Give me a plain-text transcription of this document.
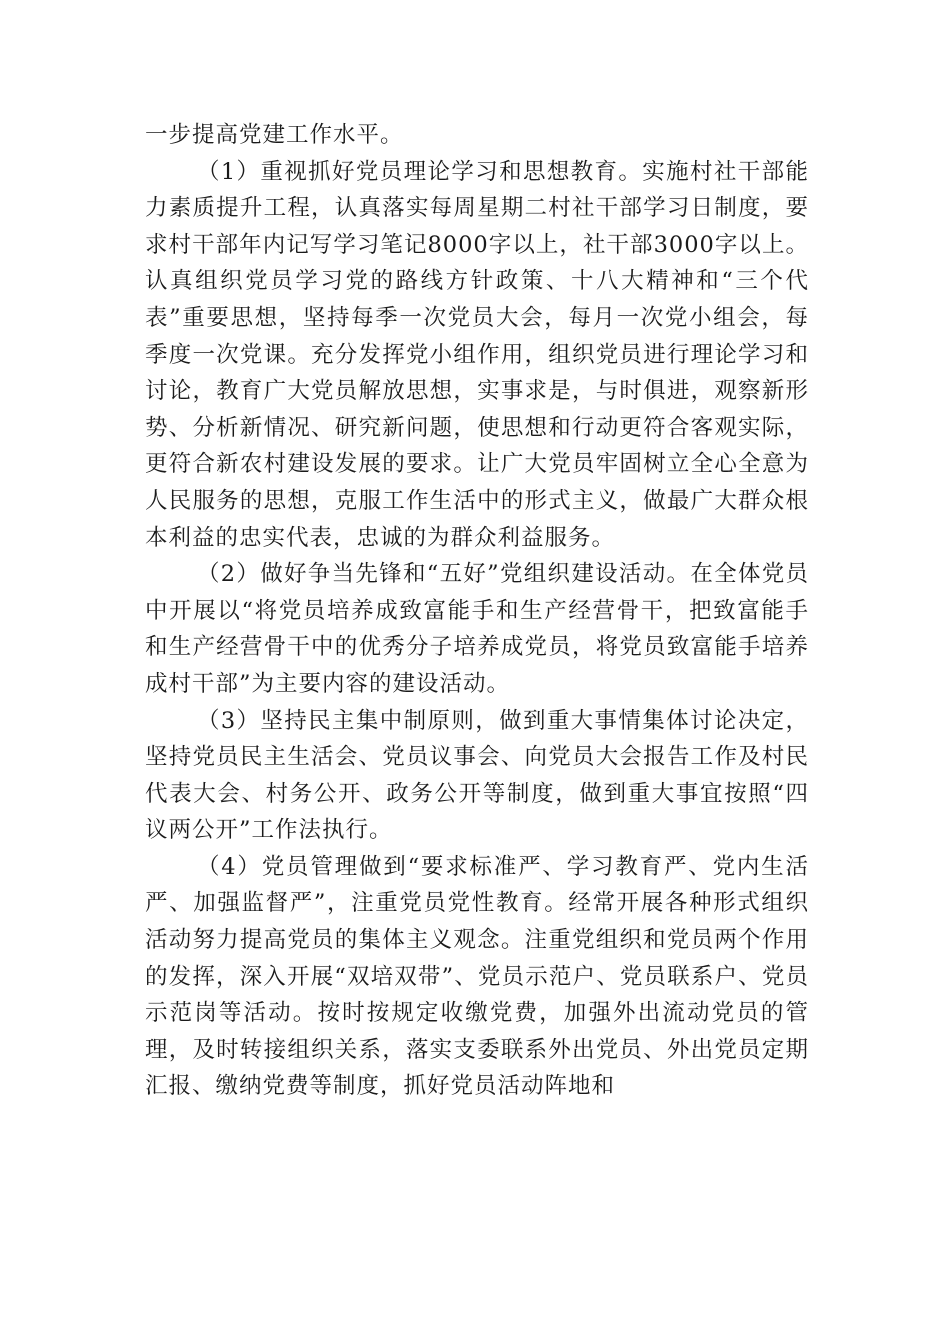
一步提高党建工作水平。

（1）重视抓好党员理论学习和思想教育。实施村社干部能力素质提升工程，认真落实每周星期二村社干部学习日制度，要求村干部年内记写学习笔记8000字以上，社干部3000字以上。认真组织党员学习党的路线方针政策、十八大精神和“三个代表”重要思想，坚持每季一次党员大会，每月一次党小组会，每季度一次党课。充分发挥党小组作用，组织党员进行理论学习和讨论，教育广大党员解放思想，实事求是，与时俱进，观察新形势、分析新情况、研究新问题，使思想和行动更符合客观实际，更符合新农村建设发展的要求。让广大党员牢固树立全心全意为人民服务的思想，克服工作生活中的形式主义，做最广大群众根本利益的忠实代表，忠诚的为群众利益服务。

（2）做好争当先锋和“五好”党组织建设活动。在全体党员中开展以“将党员培养成致富能手和生产经营骨干，把致富能手和生产经营骨干中的优秀分子培养成党员，将党员致富能手培养成村干部”为主要内容的建设活动。

（3）坚持民主集中制原则，做到重大事情集体讨论决定，坚持党员民主生活会、党员议事会、向党员大会报告工作及村民代表大会、村务公开、政务公开等制度，做到重大事宜按照“四议两公开”工作法执行。

（4）党员管理做到“要求标准严、学习教育严、党内生活严、加强监督严”，注重党员党性教育。经常开展各种形式组织活动努力提高党员的集体主义观念。注重党组织和党员两个作用的发挥，深入开展“双培双带”、党员示范户、党员联系户、党员示范岗等活动。按时按规定收缴党费，加强外出流动党员的管理，及时转接组织关系，落实支委联系外出党员、外出党员定期汇报、缴纳党费等制度，抓好党员活动阵地和
